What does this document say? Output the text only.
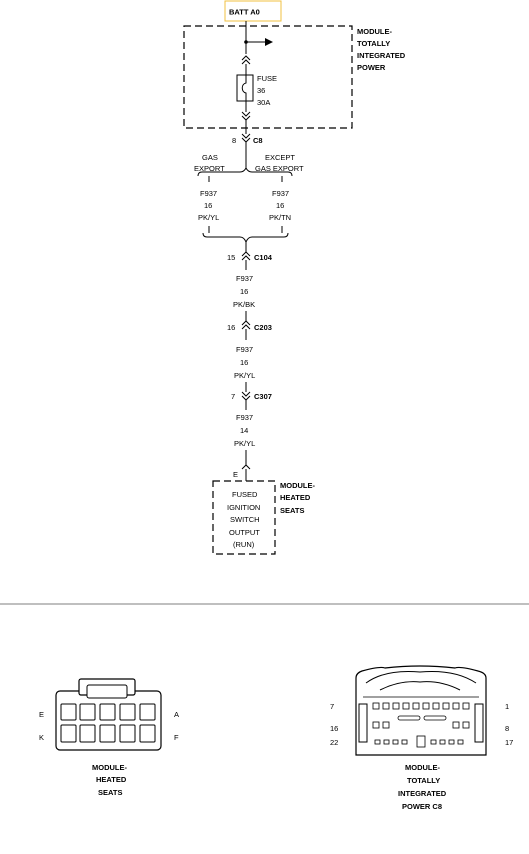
BATT A0
MODULE-
TOTALLY
INTEGRATED
POWER
FUSE
36
30A
8 C8
GAS
EXPORT
EXCEPT
GAS EXPORT
F937
16
PK/YL
F937
16
PK/TN
15 C104
F937
16
PK/BK
16 C203
F937
16
PK/YL
7	C307
F937
14
PK/YL
E
MODULE-
HEATED
SEATS
FUSED
IGNITION
SWITCH
OUTPUT
(RUN)
E
K
A
F
MODULE-
HEATED
SEATS
7
16
22
1
8
17
MODULE-
TOTALLY
INTEGRATED
POWER C8
